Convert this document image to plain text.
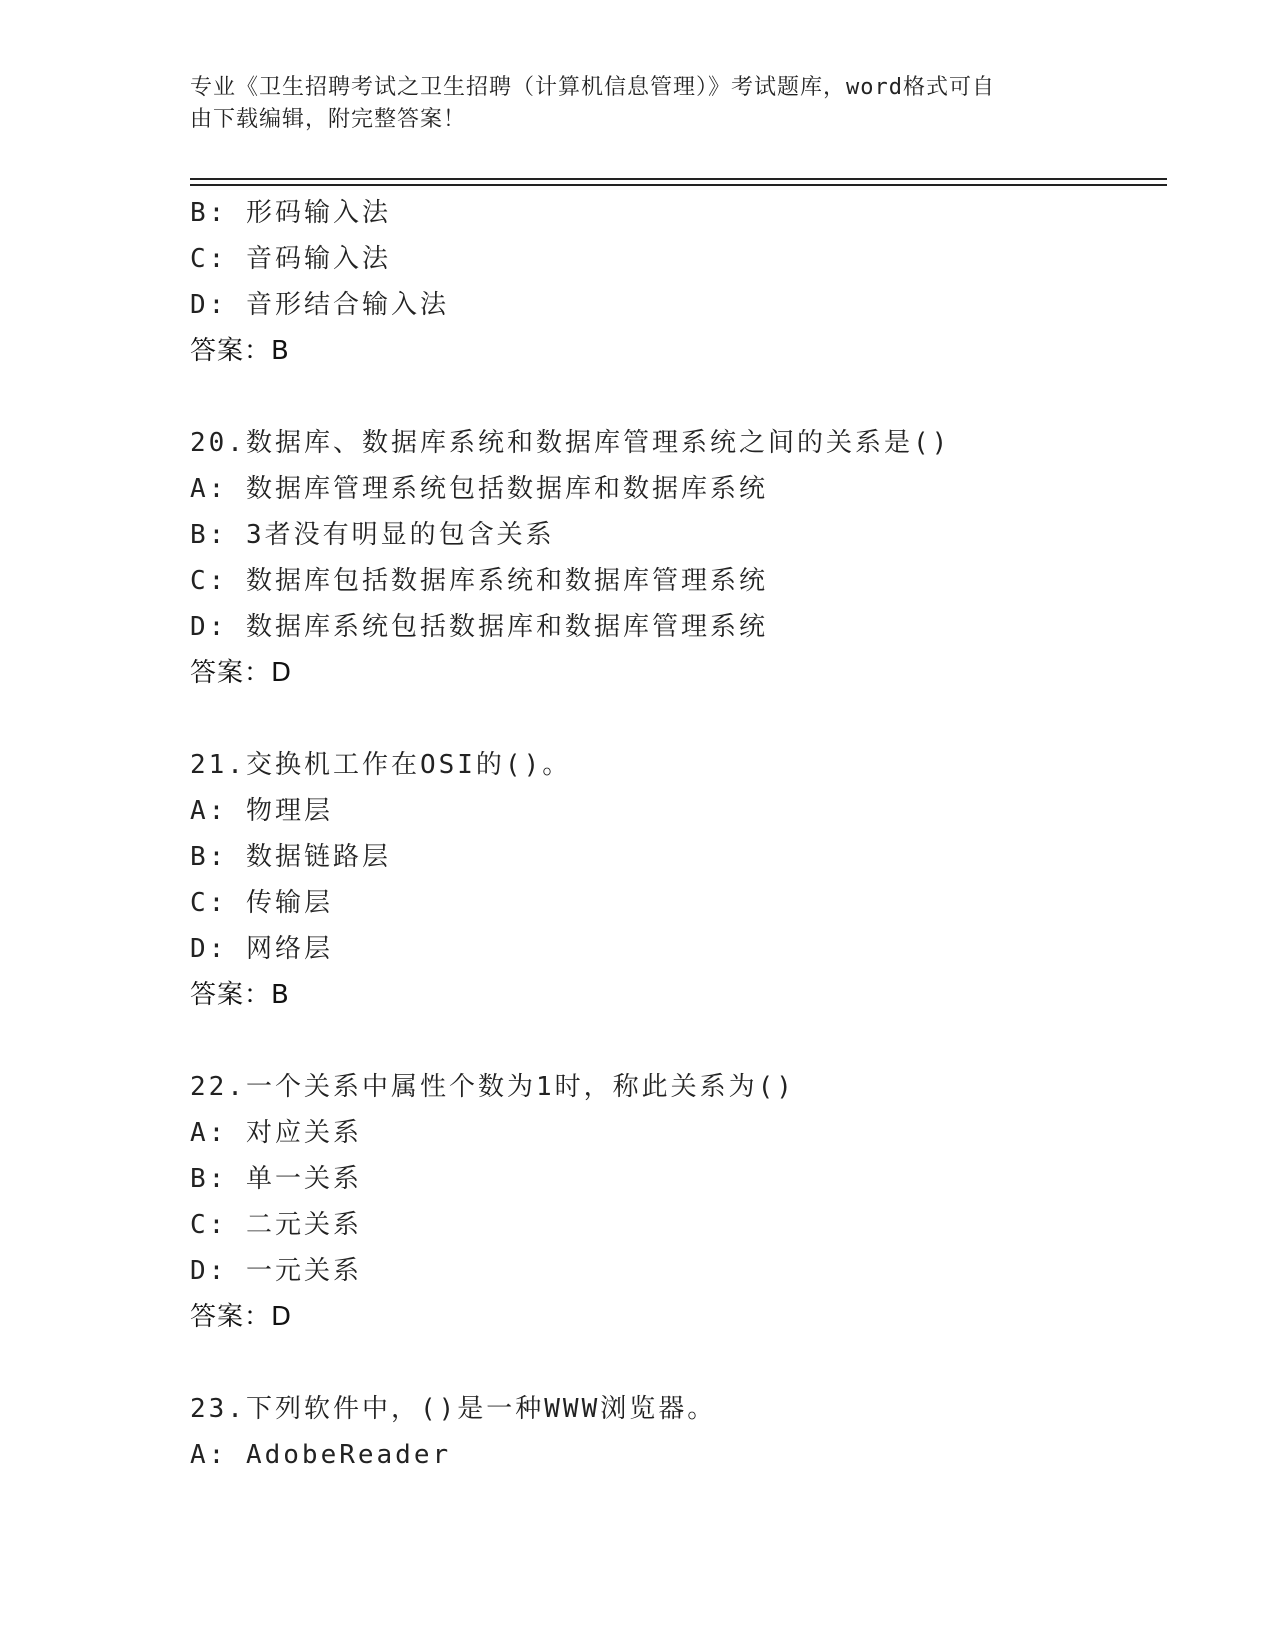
专业《卫生招聘考试之卫生招聘（计算机信息管理）》考试题库，word格式可自
由下载编辑，附完整答案！
B: 形码输入法
C: 音码输入法
D: 音形结合输入法
答案：B
20.数据库、数据库系统和数据库管理系统之间的关系是()
A: 数据库管理系统包括数据库和数据库系统
B: 3者没有明显的包含关系
C: 数据库包括数据库系统和数据库管理系统
D: 数据库系统包括数据库和数据库管理系统
答案：D
21.交换机工作在OSI的()。
A: 物理层
B: 数据链路层
C: 传输层
D: 网络层
答案：B
22.一个关系中属性个数为1时，称此关系为()
A: 对应关系
B: 单一关系
C: 二元关系
D: 一元关系
答案：D
23.下列软件中，()是一种WWW浏览器。
A: AdobeReader
